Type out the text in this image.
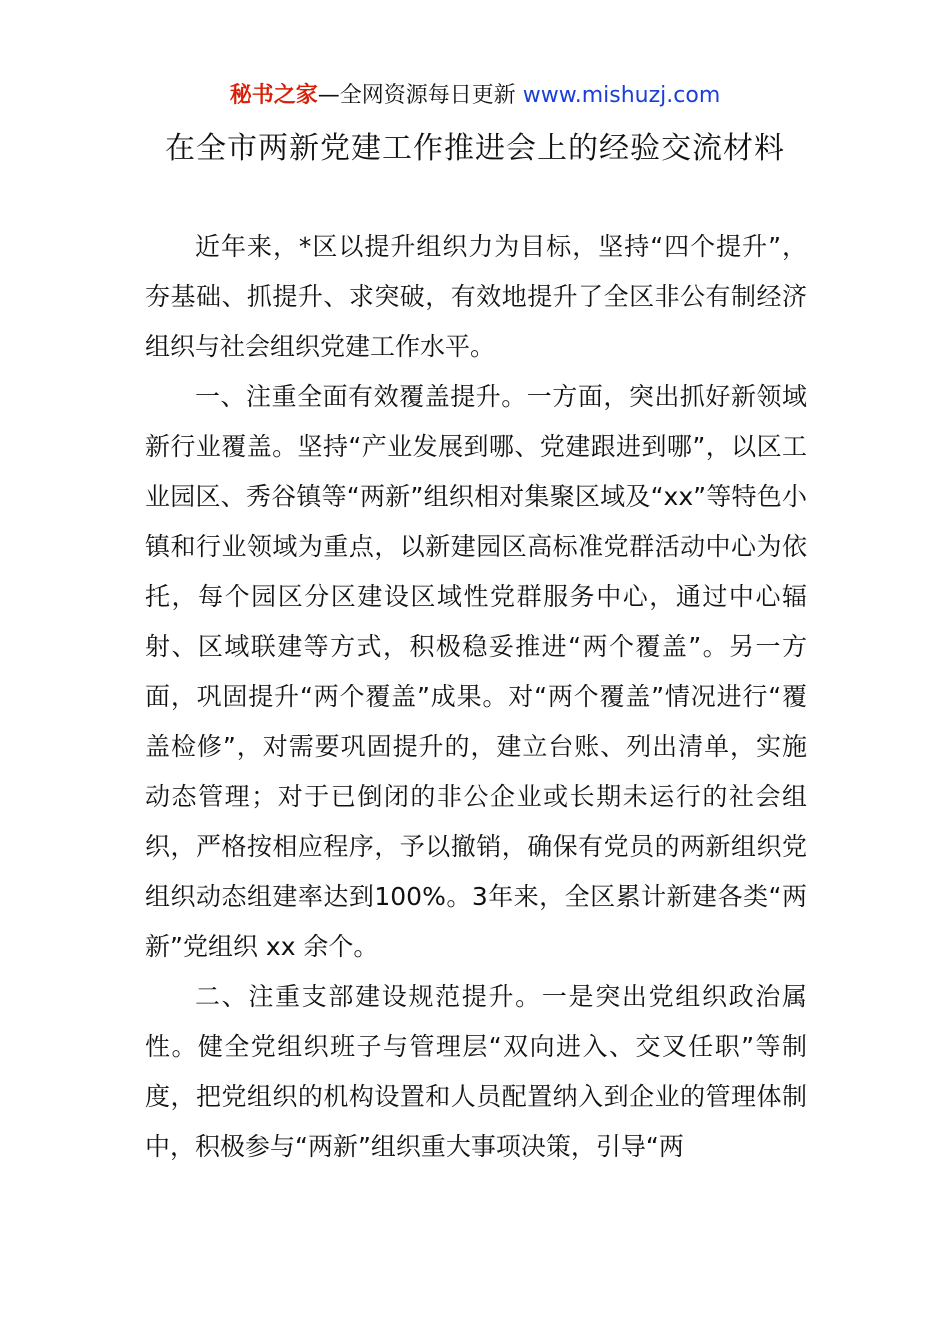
秘书之家—全网资源每日更新 www.mishuzj.com
在全市两新党建工作推进会上的经验交流材料

近年来，*区以提升组织力为目标，坚持“四个提升”，夯基础、抓提升、求突破，有效地提升了全区非公有制经济组织与社会组织党建工作水平。

一、注重全面有效覆盖提升。一方面，突出抓好新领域新行业覆盖。坚持“产业发展到哪、党建跟进到哪”，以区工业园区、秀谷镇等“两新”组织相对集聚区域及“xx”等特色小镇和行业领域为重点，以新建园区高标准党群活动中心为依托，每个园区分区建设区域性党群服务中心，通过中心辐射、区域联建等方式，积极稳妥推进“两个覆盖”。另一方面，巩固提升“两个覆盖”成果。对“两个覆盖”情况进行“覆盖检修”，对需要巩固提升的，建立台账、列出清单，实施动态管理；对于已倒闭的非公企业或长期未运行的社会组织，严格按相应程序，予以撤销，确保有党员的两新组织党组织动态组建率达到100%。3年来，全区累计新建各类“两新”党组织 xx 余个。

二、注重支部建设规范提升。一是突出党组织政治属性。健全党组织班子与管理层“双向进入、交叉任职”等制度，把党组织的机构设置和人员配置纳入到企业的管理体制中，积极参与“两新”组织重大事项决策，引导“两
